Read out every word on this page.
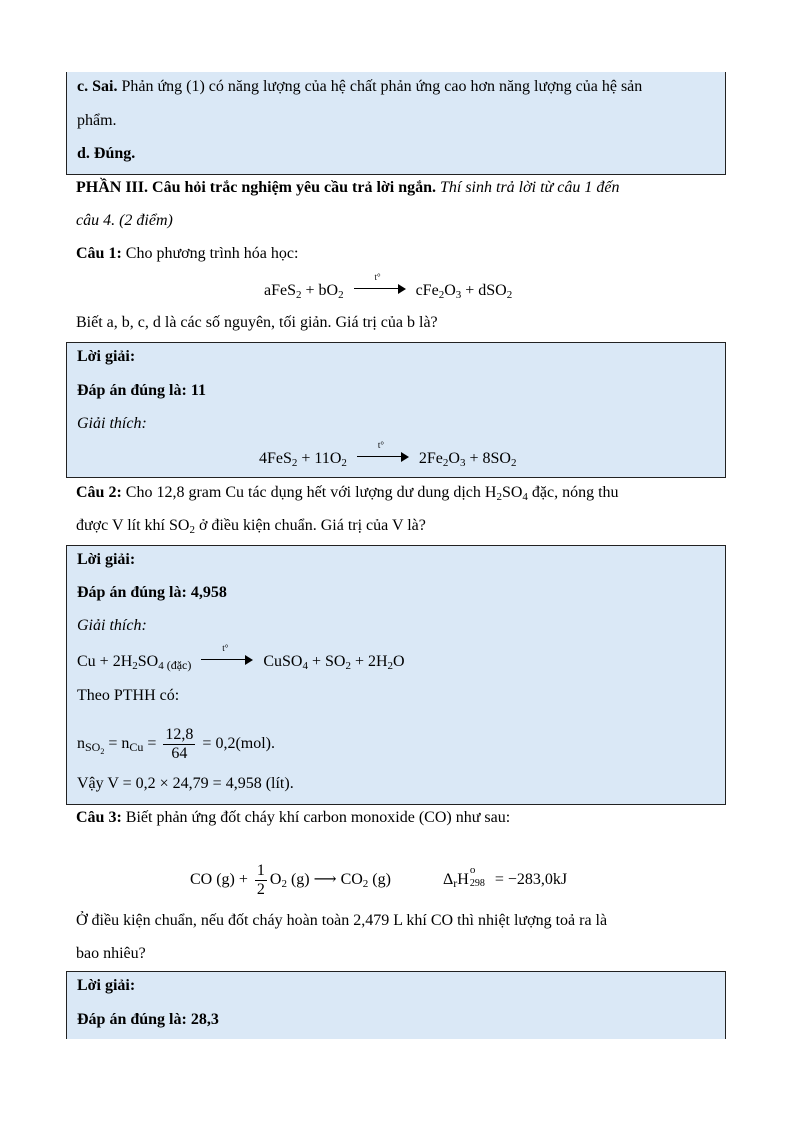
c. Sai. Phản ứng (1) có năng lượng của hệ chất phản ứng cao hơn năng lượng của hệ sản
phẩm.
d. Đúng.
PHẦN III. Câu hỏi trắc nghiệm yêu cầu trả lời ngắn. Thí sinh trả lời từ câu 1 đến
câu 4. (2 điểm)
Câu 1: Cho phương trình hóa học:
aFeS$_2$ + $bO_2$
t°
$cFe_2O_3 + dSO_2$
Biết a, b, c, d là các số nguyên, tối giản. Giá trị của b là?
Lời giải:
Đáp án đúng là: 11
Giải thích:
$4FeS_2 + 11O_2$
t°
$2Fe_2O_3 + 8SO_2$
Câu 2: Cho 12,8 gram Cu tác dụng hết với lượng dư dung dịch $H_2SO_4$ đặc, nóng thu
được V lít khí $SO_2$ ở điều kiện chuẩn. Giá trị của V là?
Lời giải:
Đáp án đúng là: 4,958
Giải thích:
$Cu + 2H_2SO_4$ $_{(đặc)}$
t°
CuSO$_4$ + $SO_2 + 2H_2O$
Theo PTHH có:
$n_{SO_2} = n_{Cu} = \frac{12,8}{64} = 0,2(mol)$.
Vậy V = 0,2 × 24,79 = 4,958 (lít).
Câu 3: Biết phản ứng đốt cháy khí carbon monoxide (CO) như sau:
CO $(g) + \frac{1}{2} O_2$ (g) ⟶ $CO_2$ (g)	$\Delta_rH$
o
298 = −283,0kJ
Ở điều kiện chuẩn, nếu đốt cháy hoàn toàn 2,479 L khí CO thì nhiệt lượng toả ra là
bao nhiêu?
Lời giải:
Đáp án đúng là: 28,3
